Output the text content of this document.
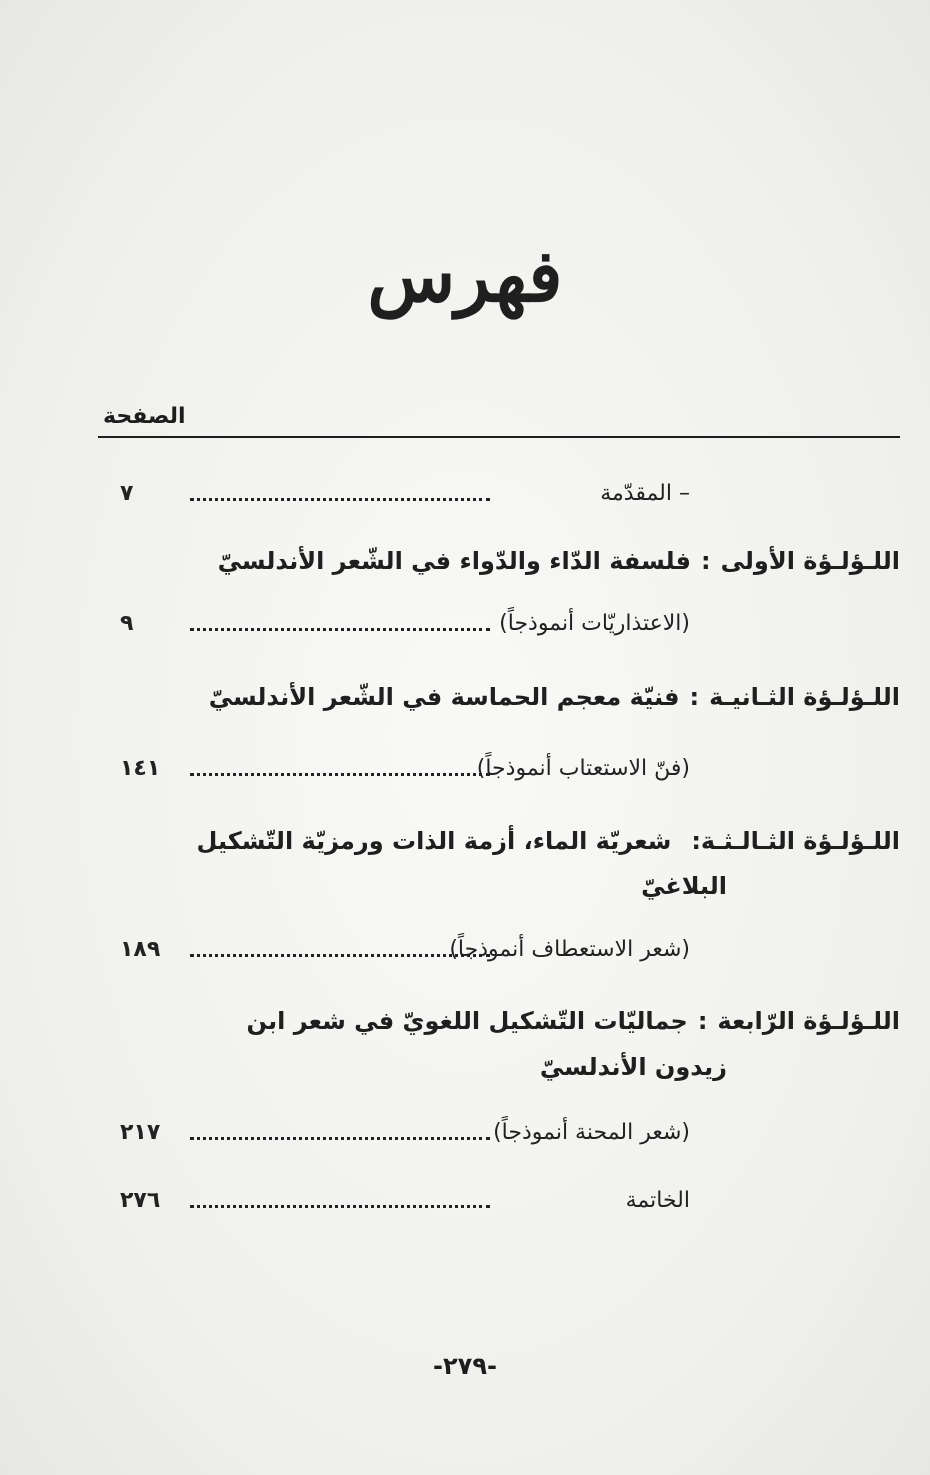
فهرس
الصفحة
– المقدّمة
٧
اللـؤلـؤة الأولى:فلسفة الدّاء والدّواء في الشّعر الأندلسيّ
(الاعتذاريّات أنموذجاً)
٩
اللـؤلـؤة الثـانيـة:فنيّة معجم الحماسة في الشّعر الأندلسيّ
(فنّ الاستعتاب أنموذجاً)
١٤١
اللـؤلـؤة الثـالـثـة:شعريّة الماء، أزمة الذات ورمزيّة التّشكيل
البلاغيّ
(شعر الاستعطاف أنموذجاً)
١٨٩
اللـؤلـؤة الرّابعة:جماليّات التّشكيل اللغويّ في شعر ابن
زيدون الأندلسيّ
(شعر المحنة أنموذجاً)
٢١٧
الخاتمة
٢٧٦
-٢٧٩-
